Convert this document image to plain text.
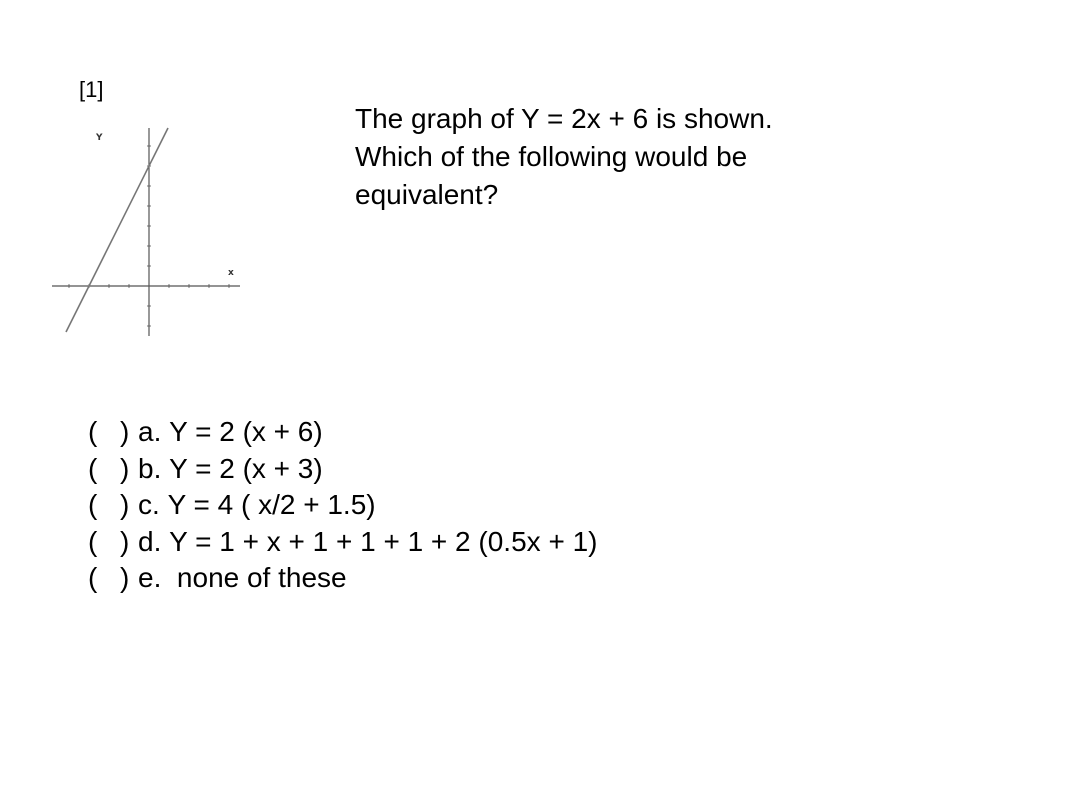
[1]
The graph of Y = 2x + 6 is shown.
Which of the following would be
equivalent?
Y
x
( ) a.
Y = 2 (x + 6)
( ) b.
Y = 2 (x + 3)
( ) c.
Y = 4 ( x/2 + 1.5)
( ) d.
Y = 1 + x + 1 + 1 + 1 + 2 (0.5x + 1)
( ) e.
none of these
